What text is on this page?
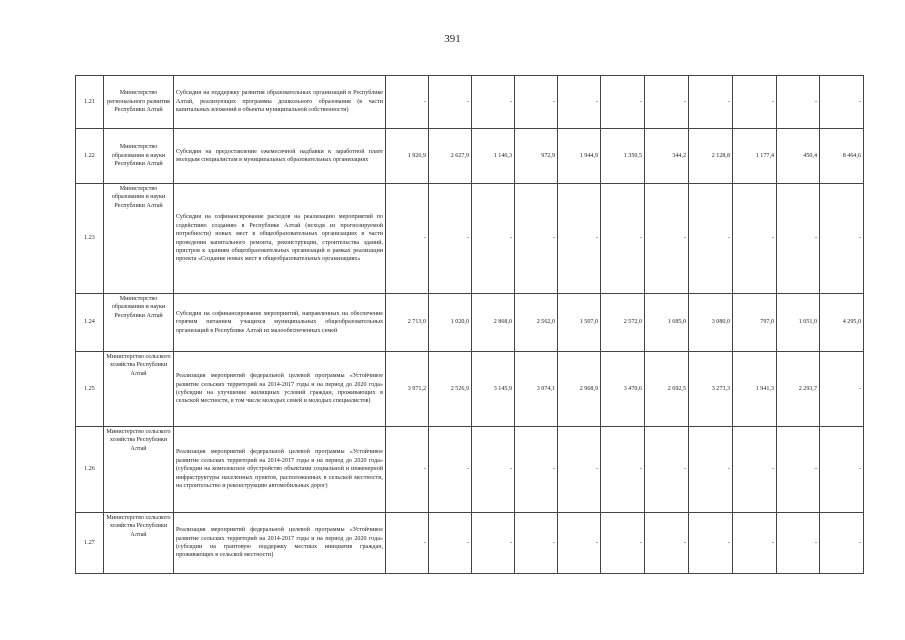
391
1.21	Министерство регионального развития Республики Алтай	Субсидия на поддержку развития образовательных организаций в Республике Алтай, реализующих программы дошкольного образования (в части капитальных вложений в объекты муниципальной собственности)	-	-	-	-	-	-	-	-	-	-	-
1.22	Министерство образования и науки Республики Алтай	Субсидия на предоставление ежемесячной надбавки к заработной плате молодым специалистам в муниципальных образовательных организациях	1 926,9	2 627,9	1 140,3	972,9	1 944,9	1 350,5	344,2	2 128,8	1 177,4	450,4	8 464,6
1.23	Министерство образования и науки Республики Алтай	Субсидия на софинансирование расходов на реализацию мероприятий по содействию созданию в Республике Алтай (исходя из прогнозируемой потребности) новых мест в общеобразовательных организациях в части проведения капитального ремонта, реконструкции, строительства зданий, пристроя к зданиям общеобразовательных организаций в рамках реализации проекта «Создание новых мест в общеобразовательных организациях»	-	-	-	-	-	-	-	-	-	-	-
1.24	Министерство образования и науки Республики Алтай	Субсидия на софинансирование мероприятий, направленных на обеспечение горячим питанием учащихся муниципальных общеобразовательных организаций в Республике Алтай из малообеспеченных семей	2 713,0	1 020,0	2 868,0	2 562,0	1 507,0	2 572,0	1 685,0	3 080,0	797,0	1 051,0	4 295,0
1.25	Министерство сельского хозяйства Республики Алтай	Реализация мероприятий федеральной целевой программы «Устойчивое развитие сельских территорий на 2014-2017 годы и на период до 2020 года» (субсидии на улучшение жилищных условий граждан, проживающих в сельской местности, в том числе молодых семей и молодых специалистов)	3 971,2	2 526,9	3 145,9	3 074,1	2 968,9	3 470,6	2 692,5	3 273,3	1 941,3	2 293,7	-
1.26	Министерство сельского хозяйства Республики Алтай	Реализация мероприятий федеральной целевой программы «Устойчивое развитие сельских территорий на 2014-2017 годы и на период до 2020 года» (субсидии на комплексное обустройство объектами социальной и инженерной инфраструктуры населенных пунктов, расположенных в сельской местности, на строительство и реконструкцию автомобильных дорог)	-	-	-	-	-	-	-	-	-	-	-
1.27	Министерство сельского хозяйства Республики Алтай	Реализация мероприятий федеральной целевой программы «Устойчивое развитие сельских территорий на 2014-2017 годы и на период до 2020 года» (субсидии на грантовую поддержку местных инициатив граждан, проживающих в сельской местности)	-	-	-	-	-	-	-	-	-	-	-
